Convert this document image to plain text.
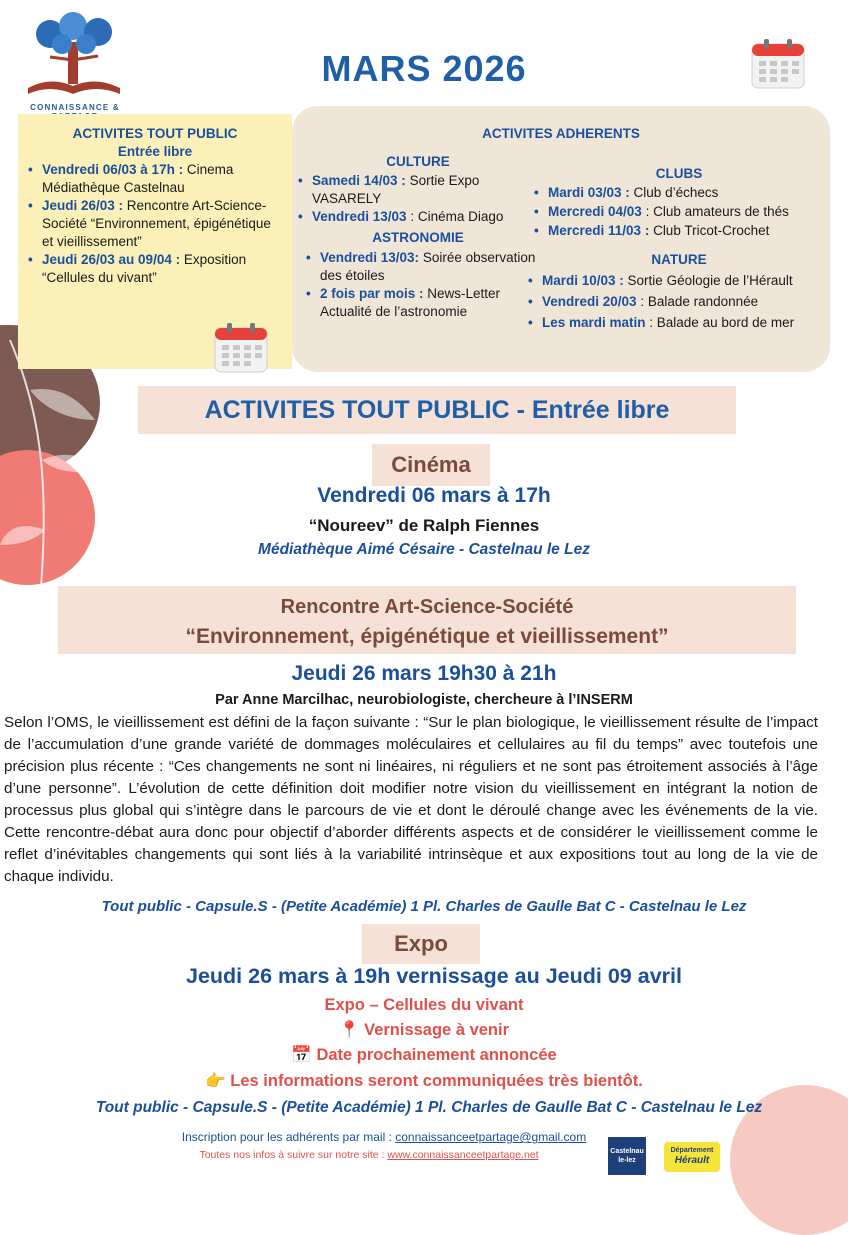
CONNAISSANCE &
MARS 2026
ACTIVITES TOUT PUBLIC
Entrée libre
• Vendredi 06/03 à 17h : Cinema Médiathèque Castelnau
• Jeudi 26/03 : Rencontre Art-Science-Société “Environnement, épigénétique et vieillissement”
• Jeudi 26/03 au 09/04 : Exposition “Cellules du vivant”
ACTIVITES ADHERENTS
CULTURE
• Samedi 14/03 : Sortie Expo VASARELY
• Vendredi 13/03 : Cinéma Diago
ASTRONOMIE
• Vendredi 13/03: Soirée observation des étoiles
• 2 fois par mois : News-Letter Actualité de l’astronomie
CLUBS
• Mardi 03/03 : Club d’échecs
• Mercredi 04/03 : Club amateurs de thés
• Mercredi 11/03 : Club Tricot-Crochet
NATURE
• Mardi 10/03 : Sortie Géologie de l’Hérault
• Vendredi 20/03 : Balade randonnée
• Les mardi matin : Balade au bord de mer
ACTIVITES TOUT PUBLIC - Entrée libre
Cinéma
Vendredi 06 mars à 17h
“Noureev” de Ralph Fiennes
Médiathèque Aimé Césaire - Castelnau le Lez
Rencontre Art-Science-Société
“Environnement, épigénétique et vieillissement”
Jeudi 26 mars 19h30 à 21h
Par Anne Marcilhac, neurobiologiste, chercheure à l’INSERM
Selon l’OMS, le vieillissement est défini de la façon suivante : “Sur le plan biologique, le vieillissement résulte de l’impact de l’accumulation d’une grande variété de dommages moléculaires et cellulaires au fil du temps” avec toutefois une précision plus récente : “Ces changements ne sont ni linéaires, ni réguliers et ne sont pas étroitement associés à l’âge d’une personne”. L’évolution de cette définition doit modifier notre vision du vieillissement en intégrant la notion de processus plus global qui s’intègre dans le parcours de vie et dont le déroulé change avec les événements de la vie. Cette rencontre-débat aura donc pour objectif d’aborder différents aspects et de considérer le vieillissement comme le reflet d’inévitables changements qui sont liés à la variabilité intrinsèque et aux expositions tout au long de la vie de chaque individu.
Tout public - Capsule.S - (Petite Académie) 1 Pl. Charles de Gaulle Bat C - Castelnau le Lez
Expo
Jeudi 26 mars à 19h vernissage au Jeudi 09 avril
Expo – Cellules du vivant
📍 Vernissage à venir
📅 Date prochainement annoncée
👉 Les informations seront communiquées très bientôt.
Tout public - Capsule.S - (Petite Académie) 1 Pl. Charles de Gaulle Bat C - Castelnau le Lez
Inscription pour les adhérents par mail : connaissanceetpartage@gmail.com
Toutes nos infos à suivre sur notre site : www.connaissanceetpartage.net	Castelnau
le-lez
Département
Hérault
